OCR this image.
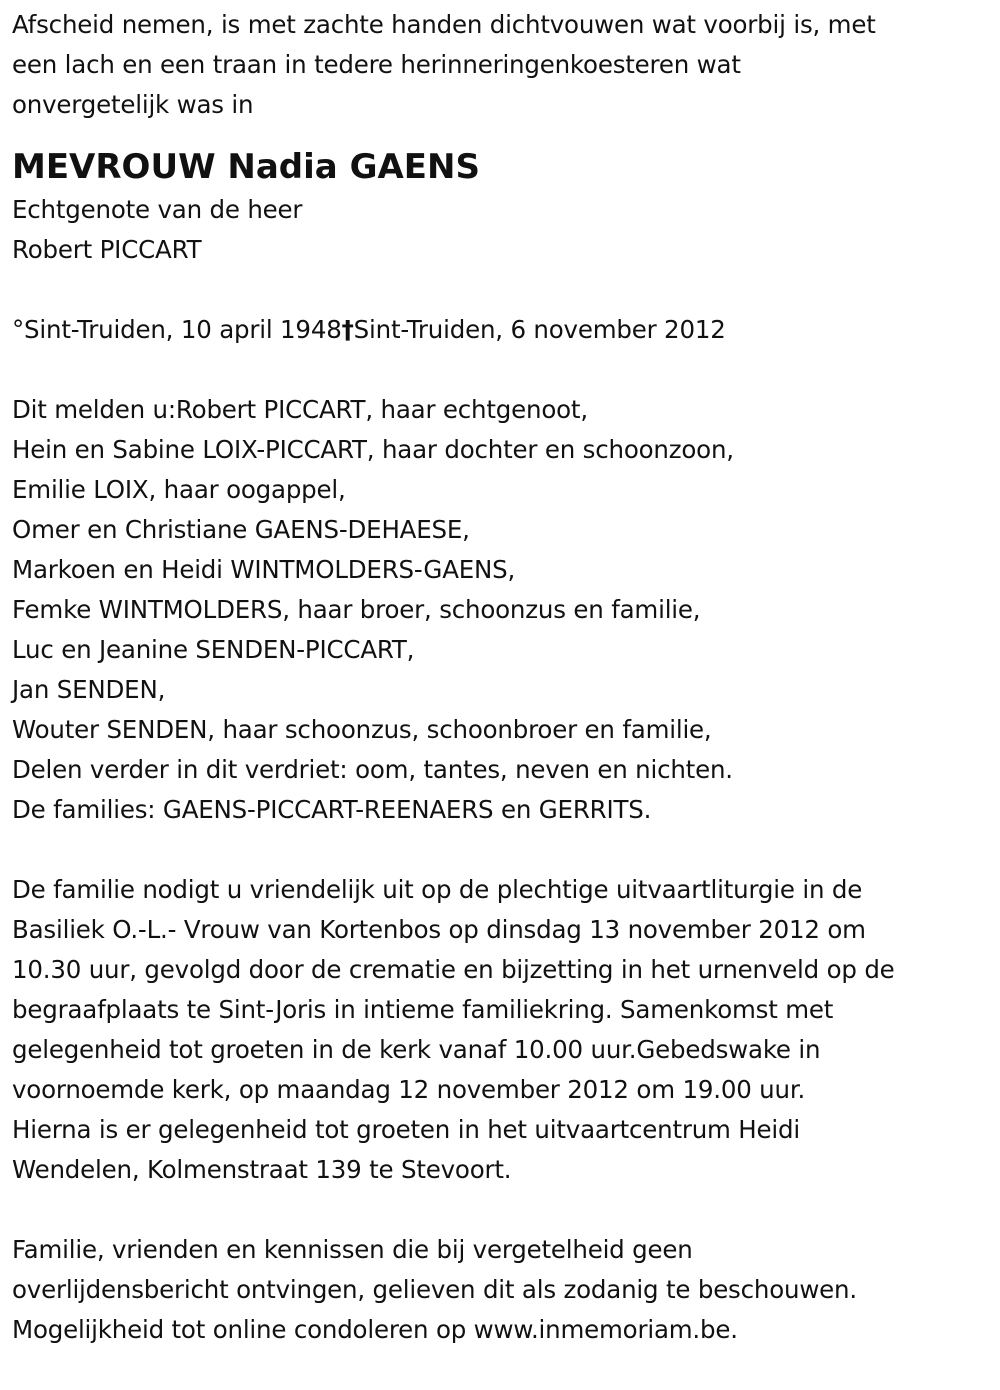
Afscheid nemen, is met zachte handen dichtvouwen wat voorbij is, met
een lach en een traan in tedere herinneringenkoesteren wat
onvergetelijk was in
MEVROUW Nadia GAENS
Echtgenote van de heer
Robert PICCART
°Sint-Truiden, 10 april 1948†Sint-Truiden, 6 november 2012
Dit melden u:Robert PICCART, haar echtgenoot,
Hein en Sabine LOIX-PICCART, haar dochter en schoonzoon,
Emilie LOIX, haar oogappel,
Omer en Christiane GAENS-DEHAESE,
Markoen en Heidi WINTMOLDERS-GAENS,
Femke WINTMOLDERS, haar broer, schoonzus en familie,
Luc en Jeanine SENDEN-PICCART,
Jan SENDEN,
Wouter SENDEN, haar schoonzus, schoonbroer en familie,
Delen verder in dit verdriet: oom, tantes, neven en nichten.
De families: GAENS-PICCART-REENAERS en GERRITS.
De familie nodigt u vriendelijk uit op de plechtige uitvaartliturgie in de
Basiliek O.-L.- Vrouw van Kortenbos op dinsdag 13 november 2012 om
10.30 uur, gevolgd door de crematie en bijzetting in het urnenveld op de
begraafplaats te Sint-Joris in intieme familiekring. Samenkomst met
gelegenheid tot groeten in de kerk vanaf 10.00 uur.Gebedswake in
voornoemde kerk, op maandag 12 november 2012 om 19.00 uur.
Hierna is er gelegenheid tot groeten in het uitvaartcentrum Heidi
Wendelen, Kolmenstraat 139 te Stevoort.
Familie, vrienden en kennissen die bij vergetelheid geen
overlijdensbericht ontvingen, gelieven dit als zodanig te beschouwen.
Mogelijkheid tot online condoleren op www.inmemoriam.be.
